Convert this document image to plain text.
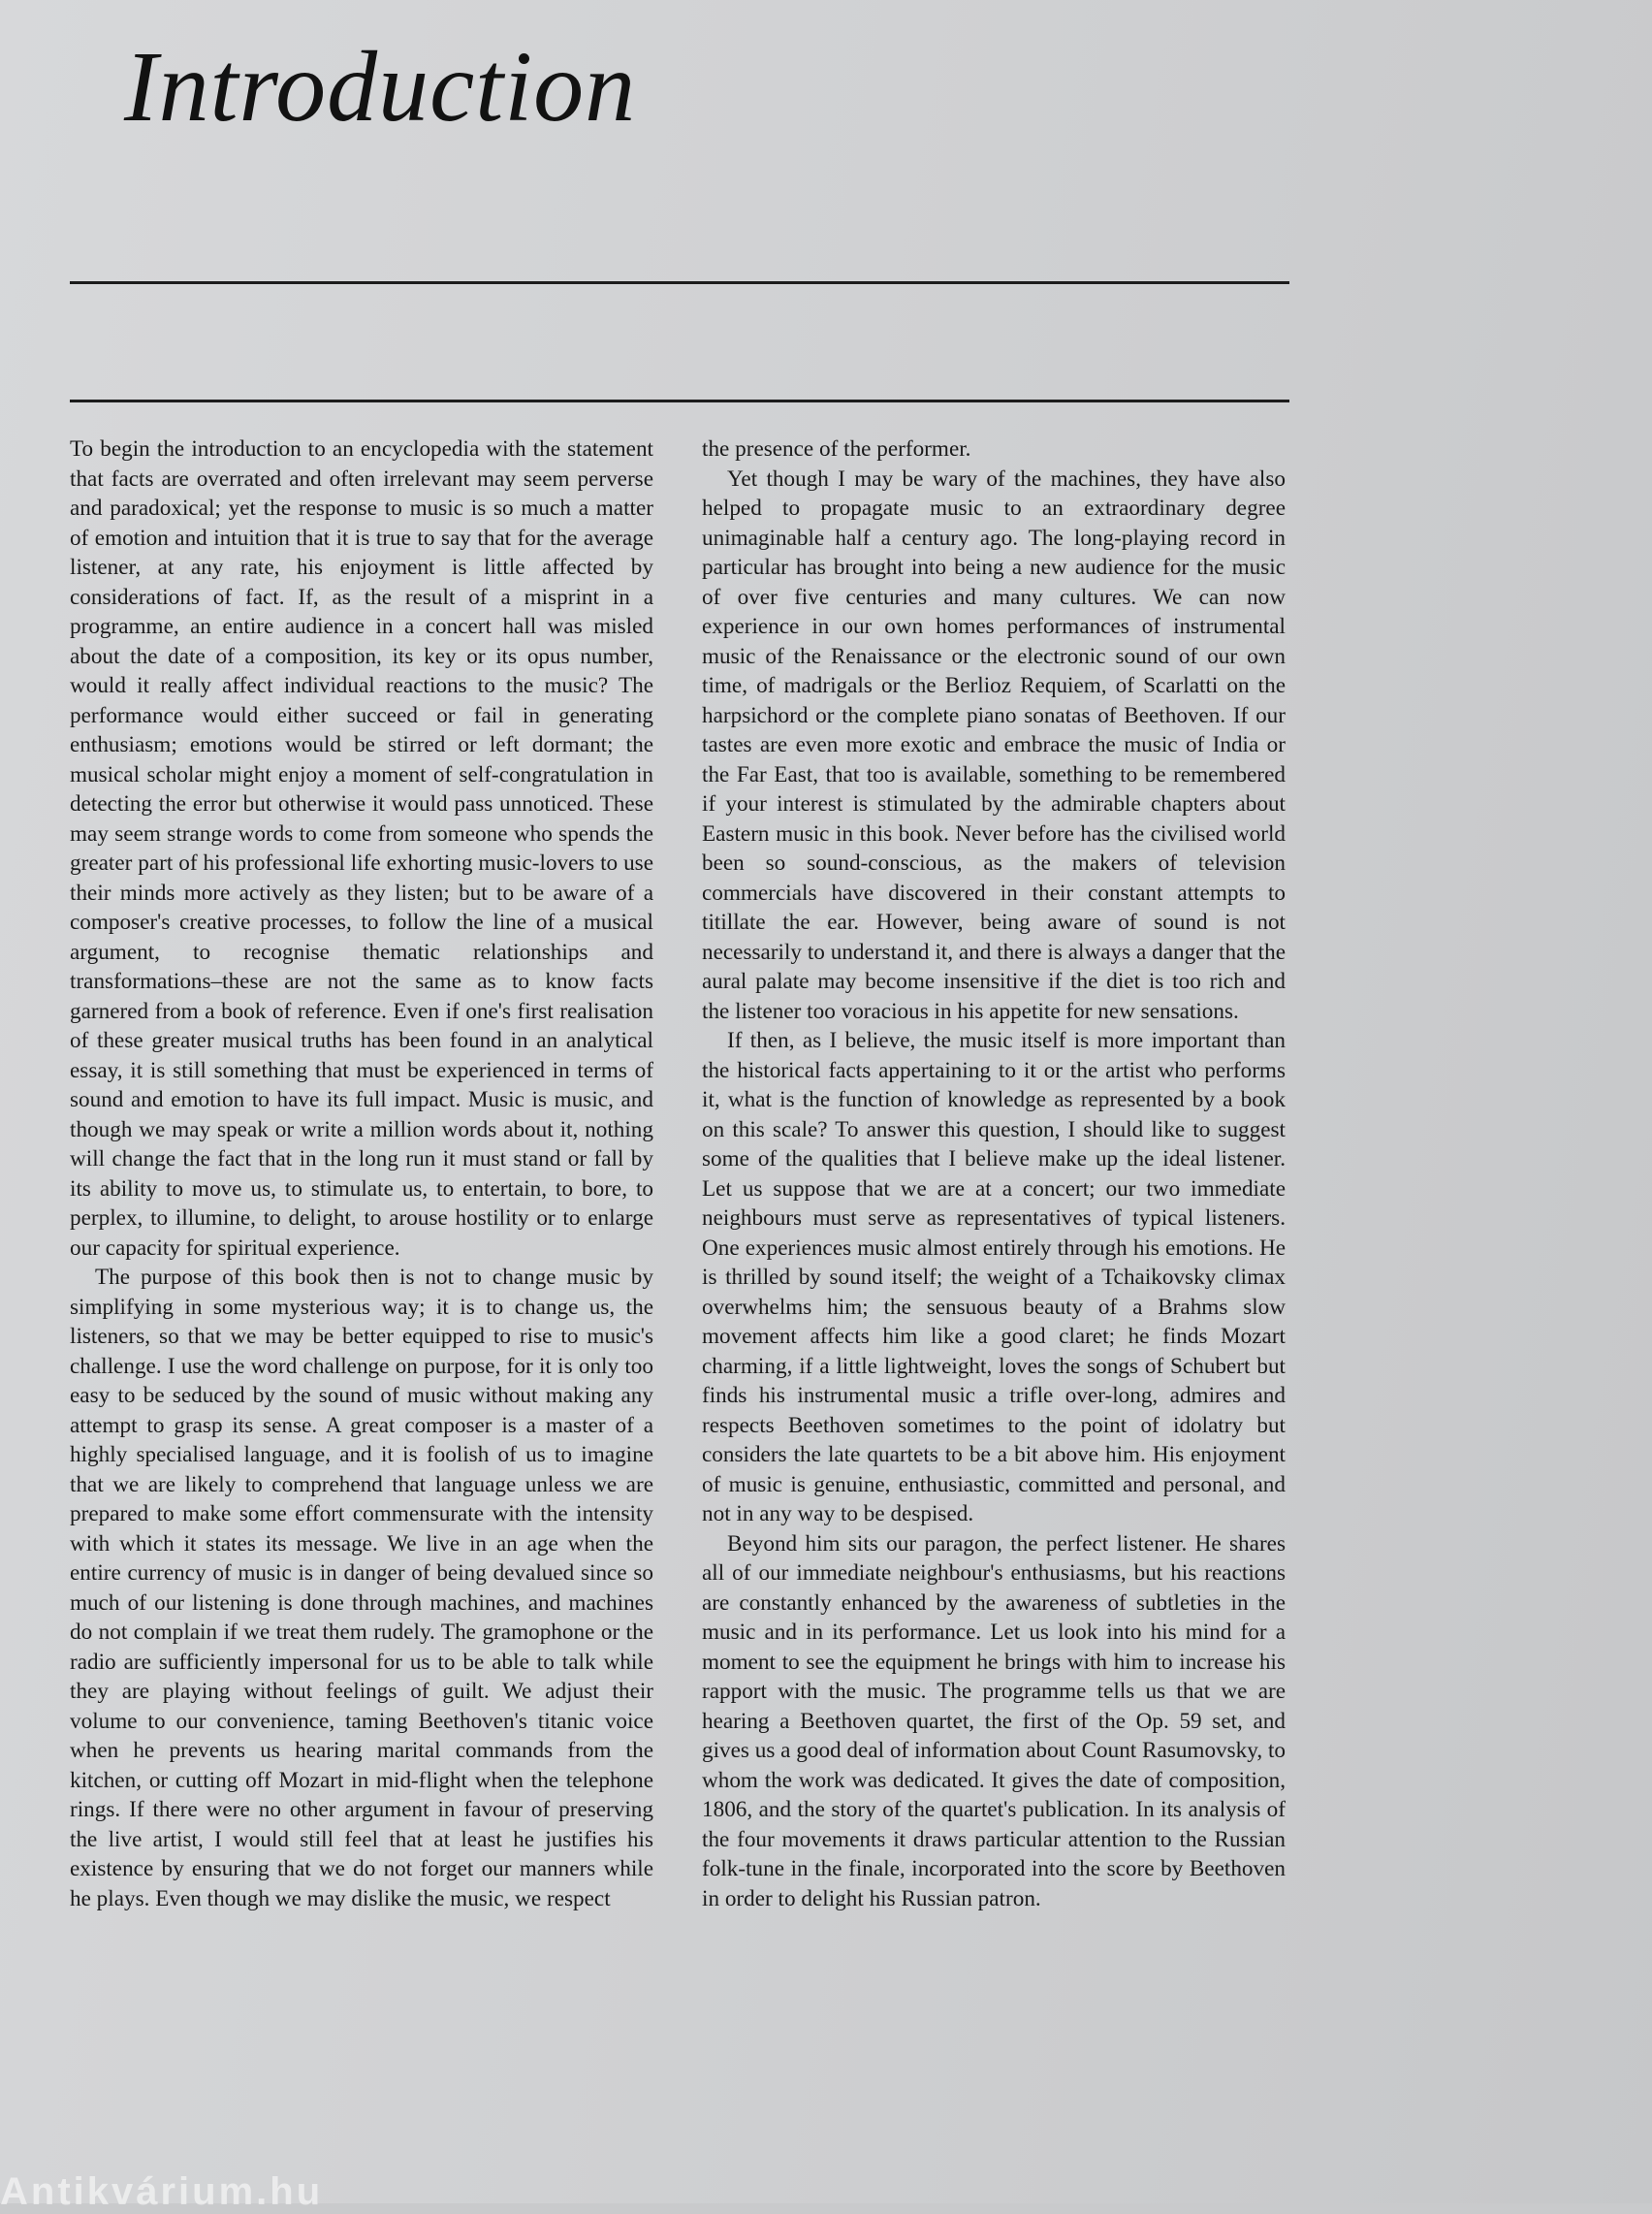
Introduction

To begin the introduction to an encyclopedia with the statement that facts are overrated and often irrelevant may seem perverse and paradoxical; yet the response to music is so much a matter of emotion and intuition that it is true to say that for the average listener, at any rate, his enjoyment is little affected by considerations of fact. If, as the result of a misprint in a programme, an entire audience in a concert hall was misled about the date of a composition, its key or its opus number, would it really affect individual reactions to the music? The performance would either succeed or fail in generating enthusiasm; emotions would be stirred or left dormant; the musical scholar might enjoy a moment of self-congratulation in detecting the error but otherwise it would pass unnoticed. These may seem strange words to come from someone who spends the greater part of his professional life exhorting music-lovers to use their minds more actively as they listen; but to be aware of a composer's creative processes, to follow the line of a musical argument, to recognise thematic relationships and transformations–these are not the same as to know facts garnered from a book of reference. Even if one's first realisation of these greater musical truths has been found in an analytical essay, it is still something that must be experienced in terms of sound and emotion to have its full impact. Music is music, and though we may speak or write a million words about it, nothing will change the fact that in the long run it must stand or fall by its ability to move us, to stimulate us, to entertain, to bore, to perplex, to illumine, to delight, to arouse hostility or to enlarge our capacity for spiritual experience.

The purpose of this book then is not to change music by simplifying in some mysterious way; it is to change us, the listeners, so that we may be better equipped to rise to music's challenge. I use the word challenge on purpose, for it is only too easy to be seduced by the sound of music without making any attempt to grasp its sense. A great composer is a master of a highly specialised language, and it is foolish of us to imagine that we are likely to comprehend that language unless we are prepared to make some effort commensurate with the intensity with which it states its message. We live in an age when the entire currency of music is in danger of being devalued since so much of our listening is done through machines, and machines do not complain if we treat them rudely. The gramophone or the radio are sufficiently impersonal for us to be able to talk while they are playing without feelings of guilt. We adjust their volume to our convenience, taming Beethoven's titanic voice when he prevents us hearing marital commands from the kitchen, or cutting off Mozart in mid-flight when the telephone rings. If there were no other argument in favour of preserving the live artist, I would still feel that at least he justifies his existence by ensuring that we do not forget our manners while he plays. Even though we may dislike the music, we respect

the presence of the performer.

Yet though I may be wary of the machines, they have also helped to propagate music to an extraordinary degree unimaginable half a century ago. The long-playing record in particular has brought into being a new audience for the music of over five centuries and many cultures. We can now experience in our own homes performances of instrumental music of the Renaissance or the electronic sound of our own time, of madrigals or the Berlioz Requiem, of Scarlatti on the harpsichord or the complete piano sonatas of Beethoven. If our tastes are even more exotic and embrace the music of India or the Far East, that too is available, something to be remembered if your interest is stimulated by the admirable chapters about Eastern music in this book. Never before has the civilised world been so sound-conscious, as the makers of television commercials have discovered in their constant attempts to titillate the ear. However, being aware of sound is not necessarily to understand it, and there is always a danger that the aural palate may become insensitive if the diet is too rich and the listener too voracious in his appetite for new sensations.

If then, as I believe, the music itself is more important than the historical facts appertaining to it or the artist who performs it, what is the function of knowledge as represented by a book on this scale? To answer this question, I should like to suggest some of the qualities that I believe make up the ideal listener. Let us suppose that we are at a concert; our two immediate neighbours must serve as representatives of typical listeners. One experiences music almost entirely through his emotions. He is thrilled by sound itself; the weight of a Tchaikovsky climax overwhelms him; the sensuous beauty of a Brahms slow movement affects him like a good claret; he finds Mozart charming, if a little lightweight, loves the songs of Schubert but finds his instrumental music a trifle over-long, admires and respects Beethoven sometimes to the point of idolatry but considers the late quartets to be a bit above him. His enjoyment of music is genuine, enthusiastic, committed and personal, and not in any way to be despised.

Beyond him sits our paragon, the perfect listener. He shares all of our immediate neighbour's enthusiasms, but his reactions are constantly enhanced by the awareness of subtleties in the music and in its performance. Let us look into his mind for a moment to see the equipment he brings with him to increase his rapport with the music. The programme tells us that we are hearing a Beethoven quartet, the first of the Op. 59 set, and gives us a good deal of information about Count Rasumovsky, to whom the work was dedicated. It gives the date of composition, 1806, and the story of the quartet's publication. In its analysis of the four movements it draws particular attention to the Russian folk-tune in the finale, incorporated into the score by Beethoven in order to delight his Russian patron.

Antikvárium.hu
